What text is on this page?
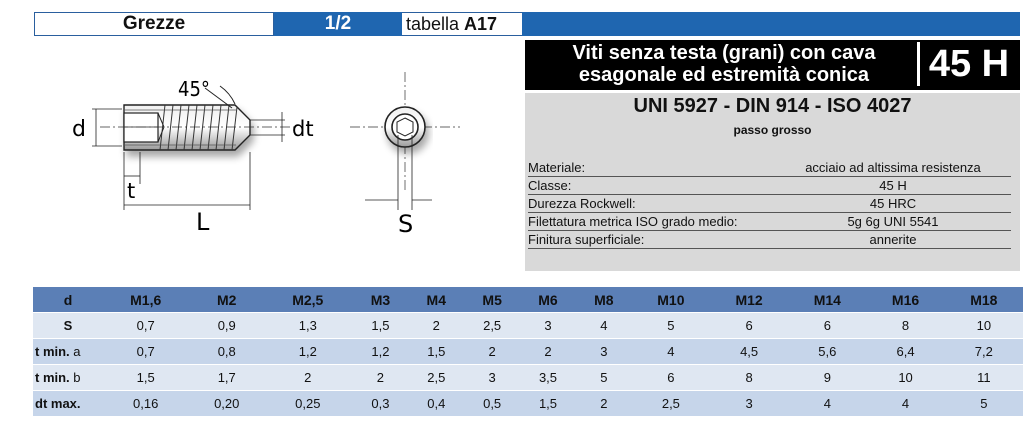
Grezze	1/2	tabella A17
Viti senza testa (grani) con cava
esagonale ed estremità conica	45 H
UNI 5927 - DIN 914 - ISO 4027
passo grosso
Materiale:	acciaio ad altissima resistenza
Classe:	45 H
Durezza Rockwell:	45 HRC
Filettatura metrica ISO grado medio:	5g 6g UNI 5541
Finitura superficiale:	annerite
45°
d	dt
t
L	S
d	M1,6	M2	M2,5	M3	M4	M5	M6	M8	M10	M12	M14	M16	M18
S	0,7	0,9	1,3	1,5	2	2,5	3	4	5	6	6	8	10
t min. a	0,7	0,8	1,2	1,2	1,5	2	2	3	4	4,5	5,6	6,4	7,2
t min. b	1,5	1,7	2	2	2,5	3	3,5	5	6	8	9	10	11
dt max.	0,16	0,20	0,25	0,3	0,4	0,5	1,5	2	2,5	3	4	4	5
